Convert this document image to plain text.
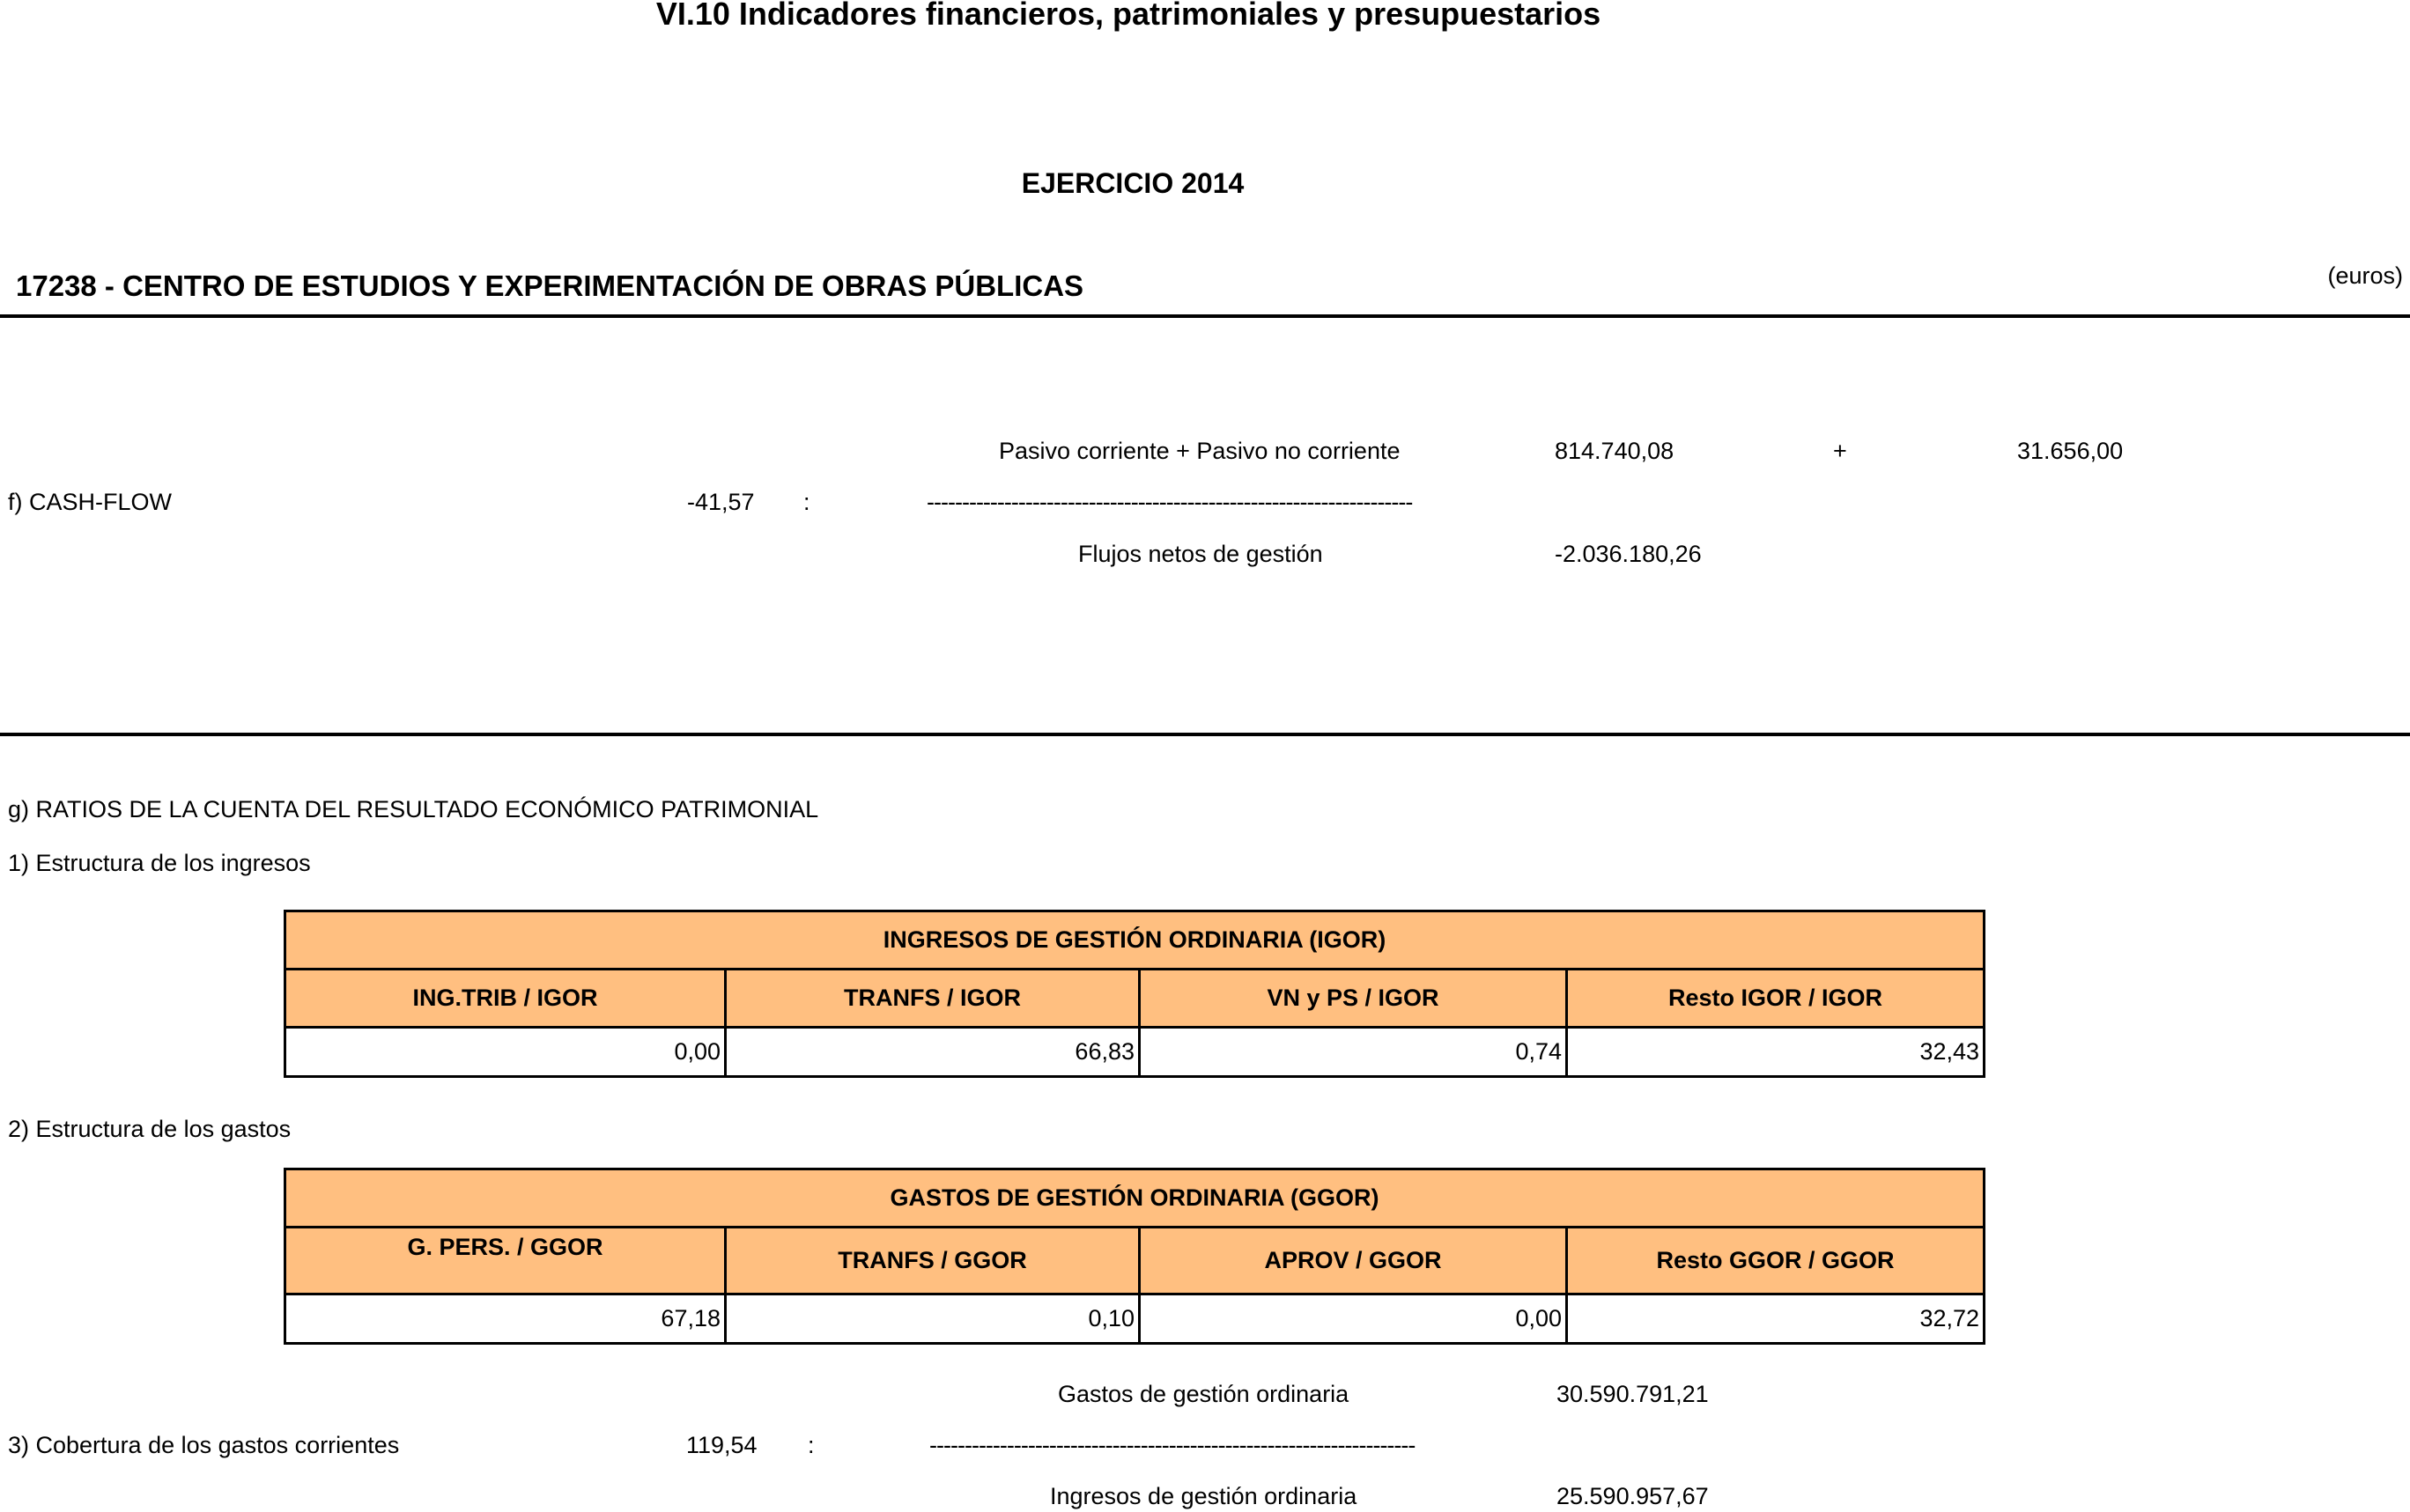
VI.10 Indicadores financieros, patrimoniales y presupuestarios
EJERCICIO 2014
17238 - CENTRO DE ESTUDIOS Y EXPERIMENTACIÓN DE OBRAS PÚBLICAS	(euros)
Pasivo corriente + Pasivo no corriente	814.740,08	+	31.656,00
f) CASH-FLOW	-41,57 :	---------------------------------------------------------------------
Flujos netos de gestión	-2.036.180,26
g) RATIOS DE LA CUENTA DEL RESULTADO ECONÓMICO PATRIMONIAL
1) Estructura de los ingresos
INGRESOS DE GESTIÓN ORDINARIA (IGOR)			
ING.TRIB / IGOR	TRANFS / IGOR	VN y PS / IGOR	Resto IGOR / IGOR
0,00	66,83	0,74	32,43
2) Estructura de los gastos
GASTOS DE GESTIÓN ORDINARIA (GGOR)			
G. PERS. / GGOR	TRANFS / GGOR	APROV / GGOR	Resto GGOR / GGOR
67,18	0,10	0,00	32,72
Gastos de gestión ordinaria	30.590.791,21
3) Cobertura de los gastos corrientes	119,54 :	---------------------------------------------------------------------
Ingresos de gestión ordinaria	25.590.957,67
